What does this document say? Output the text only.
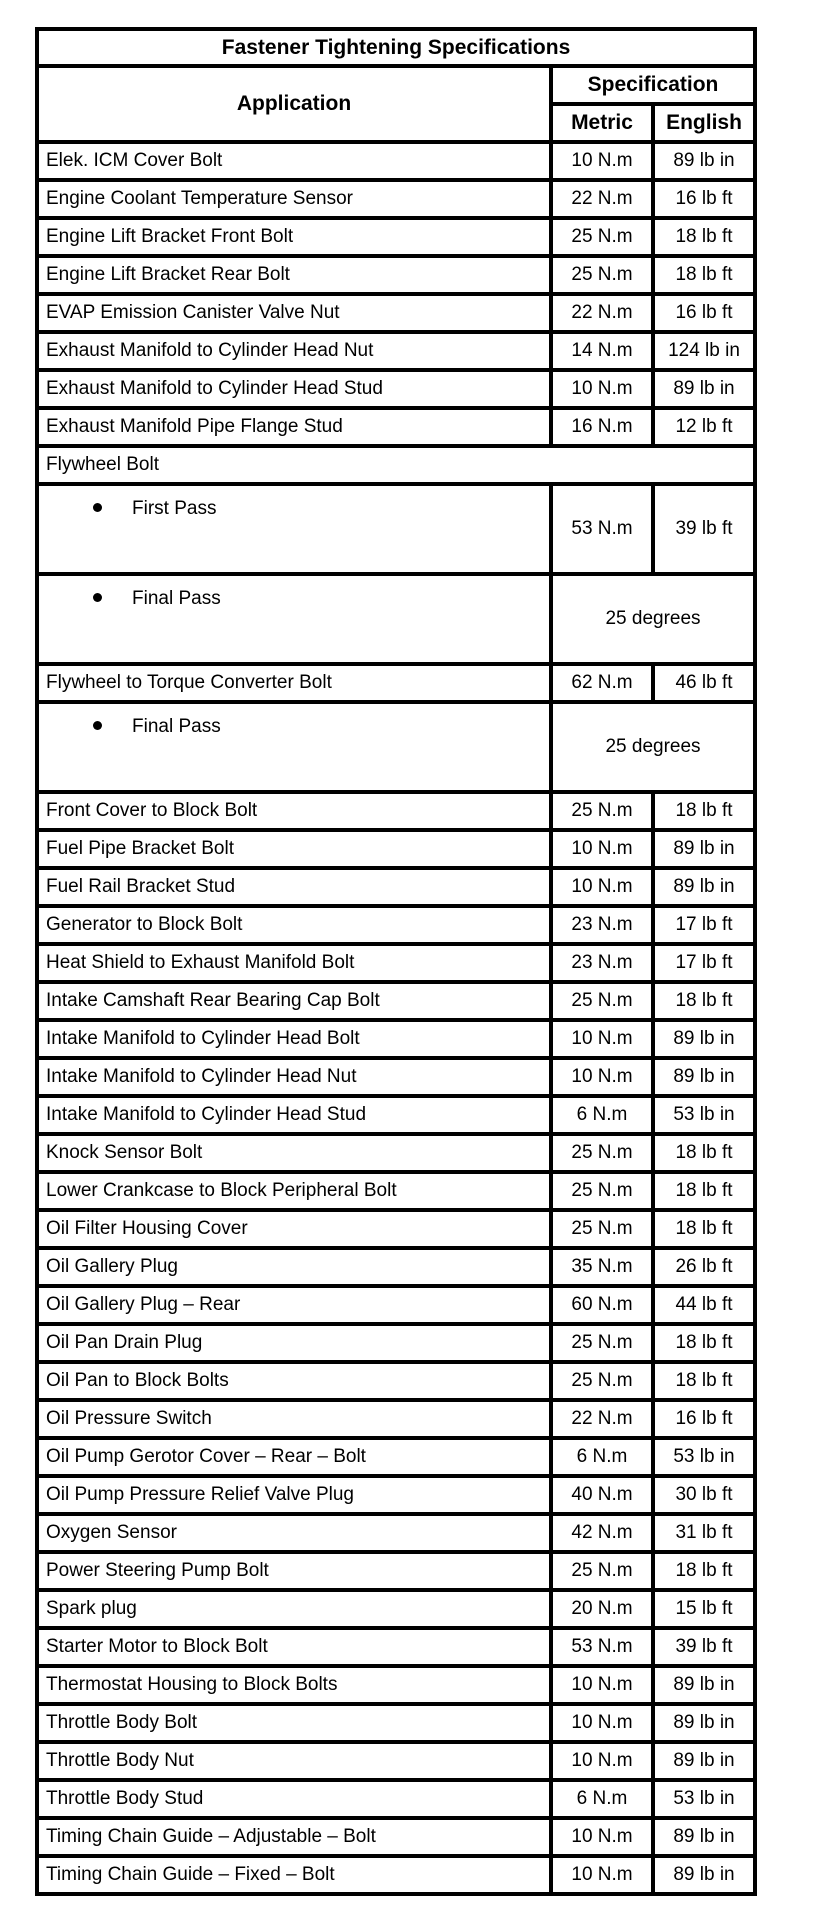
Fastener Tightening Specifications		
Application	Specification	
	Metric	English
Elek. ICM Cover Bolt	10 N.m	89 lb in
Engine Coolant Temperature Sensor	22 N.m	16 lb ft
Engine Lift Bracket Front Bolt	25 N.m	18 lb ft
Engine Lift Bracket Rear Bolt	25 N.m	18 lb ft
EVAP Emission Canister Valve Nut	22 N.m	16 lb ft
Exhaust Manifold to Cylinder Head Nut	14 N.m	124 lb in
Exhaust Manifold to Cylinder Head Stud	10 N.m	89 lb in
Exhaust Manifold Pipe Flange Stud	16 N.m	12 lb ft
Flywheel Bolt		
First Pass	53 N.m	39 lb ft
Final Pass	25 degrees	
Flywheel to Torque Converter Bolt	62 N.m	46 lb ft
Final Pass	25 degrees	
Front Cover to Block Bolt	25 N.m	18 lb ft
Fuel Pipe Bracket Bolt	10 N.m	89 lb in
Fuel Rail Bracket Stud	10 N.m	89 lb in
Generator to Block Bolt	23 N.m	17 lb ft
Heat Shield to Exhaust Manifold Bolt	23 N.m	17 lb ft
Intake Camshaft Rear Bearing Cap Bolt	25 N.m	18 lb ft
Intake Manifold to Cylinder Head Bolt	10 N.m	89 lb in
Intake Manifold to Cylinder Head Nut	10 N.m	89 lb in
Intake Manifold to Cylinder Head Stud	6 N.m	53 lb in
Knock Sensor Bolt	25 N.m	18 lb ft
Lower Crankcase to Block Peripheral Bolt	25 N.m	18 lb ft
Oil Filter Housing Cover	25 N.m	18 lb ft
Oil Gallery Plug	35 N.m	26 lb ft
Oil Gallery Plug – Rear	60 N.m	44 lb ft
Oil Pan Drain Plug	25 N.m	18 lb ft
Oil Pan to Block Bolts	25 N.m	18 lb ft
Oil Pressure Switch	22 N.m	16 lb ft
Oil Pump Gerotor Cover – Rear – Bolt	6 N.m	53 lb in
Oil Pump Pressure Relief Valve Plug	40 N.m	30 lb ft
Oxygen Sensor	42 N.m	31 lb ft
Power Steering Pump Bolt	25 N.m	18 lb ft
Spark plug	20 N.m	15 lb ft
Starter Motor to Block Bolt	53 N.m	39 lb ft
Thermostat Housing to Block Bolts	10 N.m	89 lb in
Throttle Body Bolt	10 N.m	89 lb in
Throttle Body Nut	10 N.m	89 lb in
Throttle Body Stud	6 N.m	53 lb in
Timing Chain Guide – Adjustable – Bolt	10 N.m	89 lb in
Timing Chain Guide – Fixed – Bolt	10 N.m	89 lb in
